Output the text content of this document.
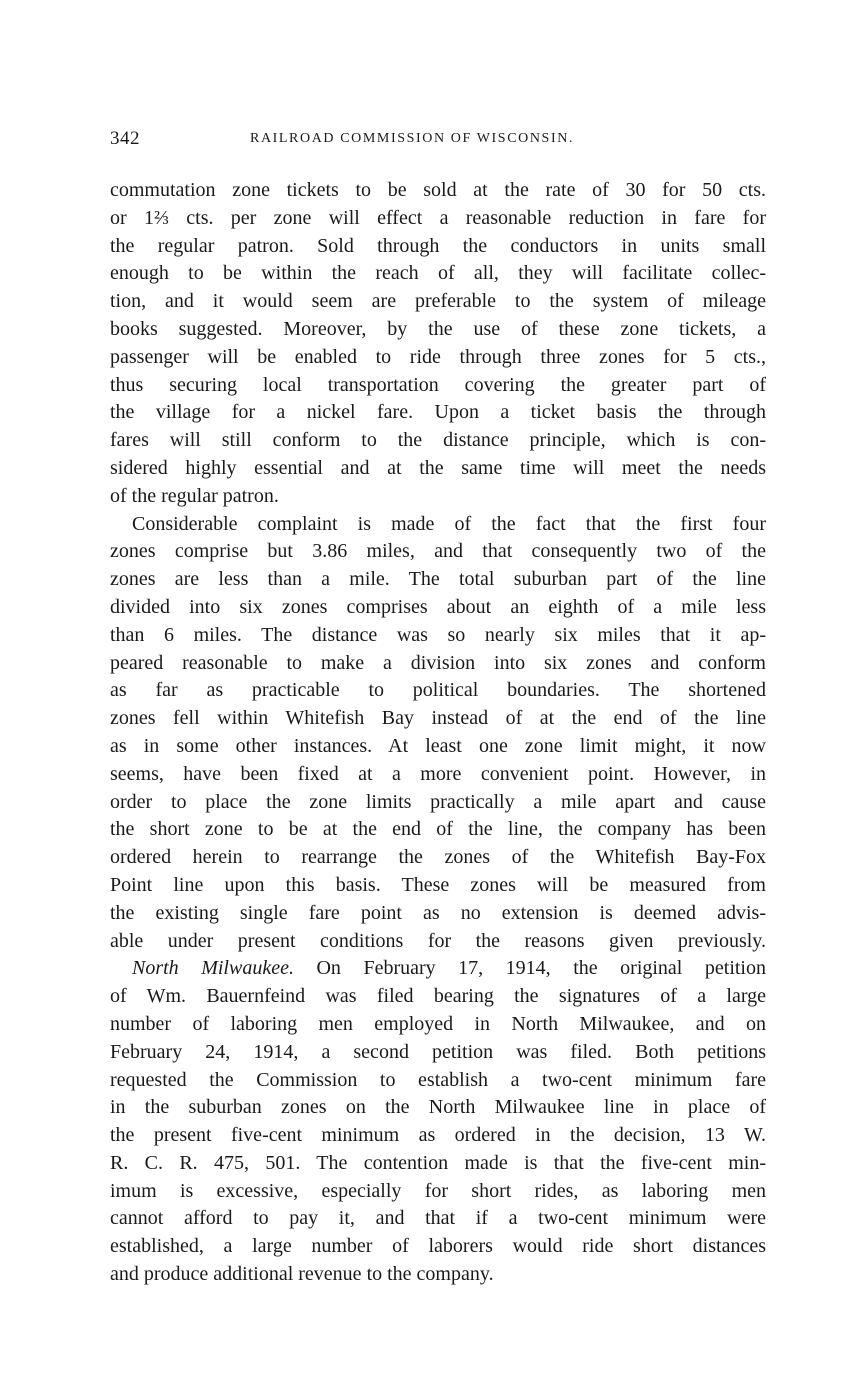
342	RAILROAD COMMISSION OF WISCONSIN.
commutation zone tickets to be sold at the rate of 30 for 50 cts.
or 1⅔ cts. per zone will effect a reasonable reduction in fare for
the regular patron. Sold through the conductors in units small
enough to be within the reach of all, they will facilitate collec-
tion, and it would seem are preferable to the system of mileage
books suggested. Moreover, by the use of these zone tickets, a
passenger will be enabled to ride through three zones for 5 cts.,
thus securing local transportation covering the greater part of
the village for a nickel fare. Upon a ticket basis the through
fares will still conform to the distance principle, which is con-
sidered highly essential and at the same time will meet the needs
of the regular patron.
Considerable complaint is made of the fact that the first four
zones comprise but 3.86 miles, and that consequently two of the
zones are less than a mile. The total suburban part of the line
divided into six zones comprises about an eighth of a mile less
than 6 miles. The distance was so nearly six miles that it ap-
peared reasonable to make a division into six zones and conform
as far as practicable to political boundaries. The shortened
zones fell within Whitefish Bay instead of at the end of the line
as in some other instances. At least one zone limit might, it now
seems, have been fixed at a more convenient point. However, in
order to place the zone limits practically a mile apart and cause
the short zone to be at the end of the line, the company has been
ordered herein to rearrange the zones of the Whitefish Bay-Fox
Point line upon this basis. These zones will be measured from
the existing single fare point as no extension is deemed advis-
able under present conditions for the reasons given previously.
North Milwaukee. On February 17, 1914, the original petition
of Wm. Bauernfeind was filed bearing the signatures of a large
number of laboring men employed in North Milwaukee, and on
February 24, 1914, a second petition was filed. Both petitions
requested the Commission to establish a two-cent minimum fare
in the suburban zones on the North Milwaukee line in place of
the present five-cent minimum as ordered in the decision, 13 W.
R. C. R. 475, 501. The contention made is that the five-cent min-
imum is excessive, especially for short rides, as laboring men
cannot afford to pay it, and that if a two-cent minimum were
established, a large number of laborers would ride short distances
and produce additional revenue to the company.
